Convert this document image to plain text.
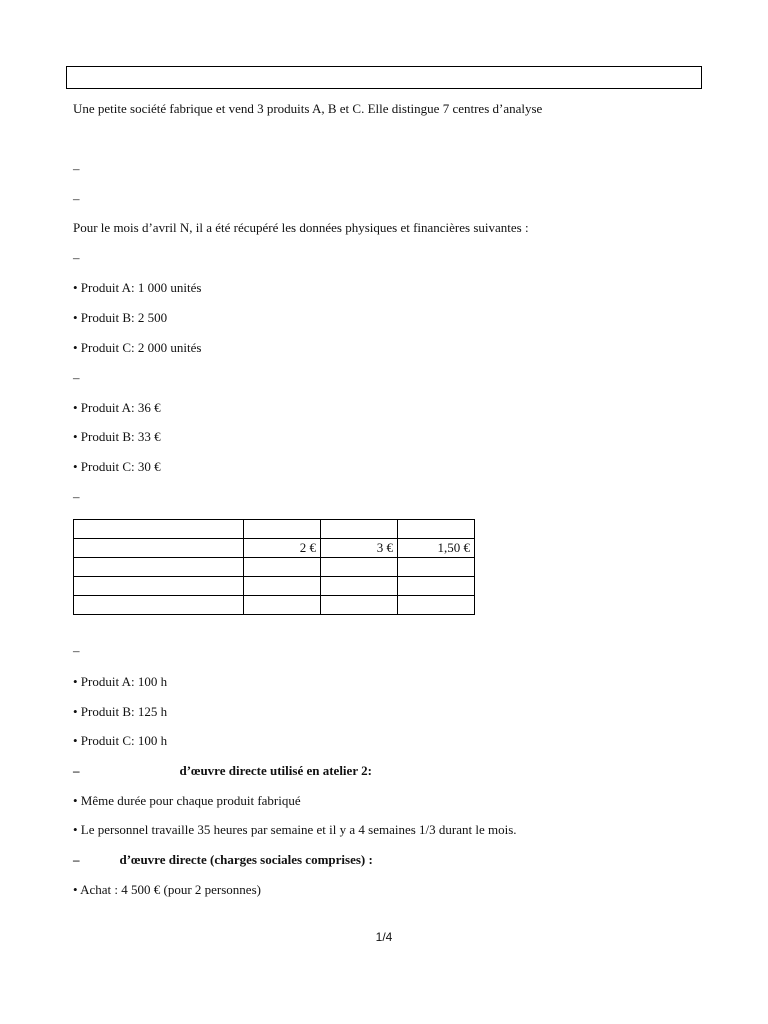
Une petite société fabrique et vend 3 produits A, B et C. Elle distingue 7 centres d’analyse
–
–
Pour le mois d’avril N, il a été récupéré les données physiques et financières suivantes :
–
• Produit A: 1 000 unités
• Produit B: 2 500
• Produit C: 2 000 unités
–
• Produit A: 36 €
• Produit B: 33 €
• Produit C: 30 €
–

	2 €	3 €	1,50 €

–
• Produit A: 100 h
• Produit B: 125 h
• Produit C: 100 h
–	d’œuvre directe utilisé en atelier 2:
• Même durée pour chaque produit fabriqué
• Le personnel travaille 35 heures par semaine et il y a 4 semaines 1/3 durant le mois.
–	d’œuvre directe (charges sociales comprises) :
• Achat : 4 500 € (pour 2 personnes)
1/4
